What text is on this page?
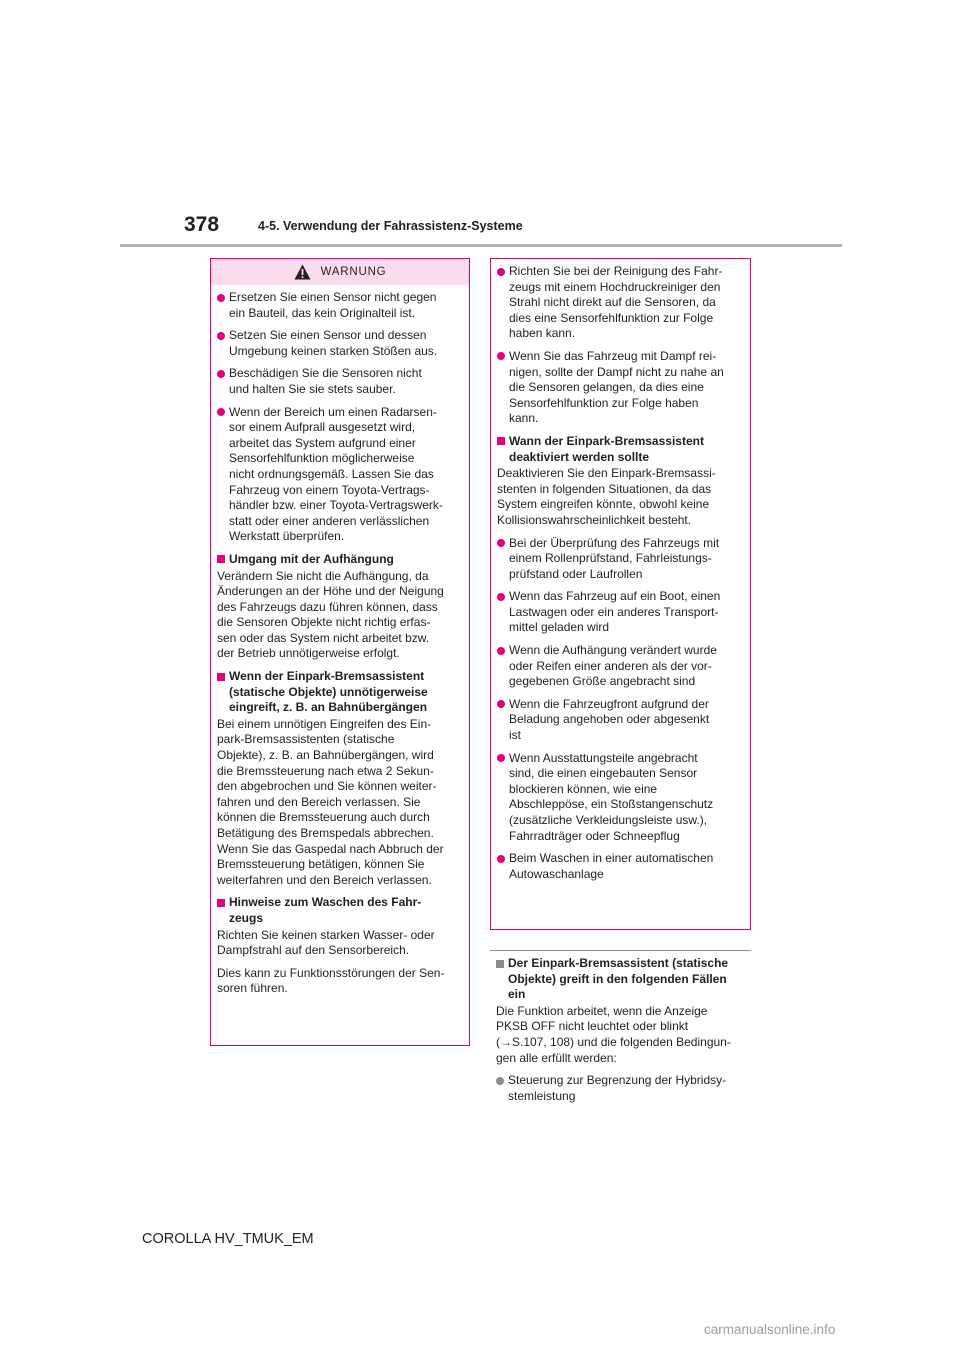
378	4-5. Verwendung der Fahrassistenz-Systeme
WARNUNG
Ersetzen Sie einen Sensor nicht gegen
ein Bauteil, das kein Originalteil ist.
Setzen Sie einen Sensor und dessen
Umgebung keinen starken Stößen aus.
Beschädigen Sie die Sensoren nicht
und halten Sie sie stets sauber.
Wenn der Bereich um einen Radarsen-
sor einem Aufprall ausgesetzt wird,
arbeitet das System aufgrund einer
Sensorfehlfunktion möglicherweise
nicht ordnungsgemäß. Lassen Sie das
Fahrzeug von einem Toyota-Vertrags-
händler bzw. einer Toyota-Vertragswerk-
statt oder einer anderen verlässlichen
Werkstatt überprüfen.
Umgang mit der Aufhängung
Verändern Sie nicht die Aufhängung, da
Änderungen an der Höhe und der Neigung
des Fahrzeugs dazu führen können, dass
die Sensoren Objekte nicht richtig erfas-
sen oder das System nicht arbeitet bzw.
der Betrieb unnötigerweise erfolgt.
Wenn der Einpark-Bremsassistent
(statische Objekte) unnötigerweise
eingreift, z. B. an Bahnübergängen
Bei einem unnötigen Eingreifen des Ein-
park-Bremsassistenten (statische
Objekte), z. B. an Bahnübergängen, wird
die Bremssteuerung nach etwa 2 Sekun-
den abgebrochen und Sie können weiter-
fahren und den Bereich verlassen. Sie
können die Bremssteuerung auch durch
Betätigung des Bremspedals abbrechen.
Wenn Sie das Gaspedal nach Abbruch der
Bremssteuerung betätigen, können Sie
weiterfahren und den Bereich verlassen.
Hinweise zum Waschen des Fahr-
zeugs
Richten Sie keinen starken Wasser- oder
Dampfstrahl auf den Sensorbereich.
Dies kann zu Funktionsstörungen der Sen-
soren führen.
Richten Sie bei der Reinigung des Fahr-
zeugs mit einem Hochdruckreiniger den
Strahl nicht direkt auf die Sensoren, da
dies eine Sensorfehlfunktion zur Folge
haben kann.
Wenn Sie das Fahrzeug mit Dampf rei-
nigen, sollte der Dampf nicht zu nahe an
die Sensoren gelangen, da dies eine
Sensorfehlfunktion zur Folge haben
kann.
Wann der Einpark-Bremsassistent
deaktiviert werden sollte
Deaktivieren Sie den Einpark-Bremsassi-
stenten in folgenden Situationen, da das
System eingreifen könnte, obwohl keine
Kollisionswahrscheinlichkeit besteht.
Bei der Überprüfung des Fahrzeugs mit
einem Rollenprüfstand, Fahrleistungs-
prüfstand oder Laufrollen
Wenn das Fahrzeug auf ein Boot, einen
Lastwagen oder ein anderes Transport-
mittel geladen wird
Wenn die Aufhängung verändert wurde
oder Reifen einer anderen als der vor-
gegebenen Größe angebracht sind
Wenn die Fahrzeugfront aufgrund der
Beladung angehoben oder abgesenkt
ist
Wenn Ausstattungsteile angebracht
sind, die einen eingebauten Sensor
blockieren können, wie eine
Abschleppöse, ein Stoßstangenschutz
(zusätzliche Verkleidungsleiste usw.),
Fahrradträger oder Schneepflug
Beim Waschen in einer automatischen
Autowaschanlage
Der Einpark-Bremsassistent (statische
Objekte) greift in den folgenden Fällen
ein
Die Funktion arbeitet, wenn die Anzeige
PKSB OFF nicht leuchtet oder blinkt
(→S.107, 108) und die folgenden Bedingun-
gen alle erfüllt werden:
Steuerung zur Begrenzung der Hybridsy-
stemleistung
COROLLA HV_TMUK_EM
carmanualsonline.info
